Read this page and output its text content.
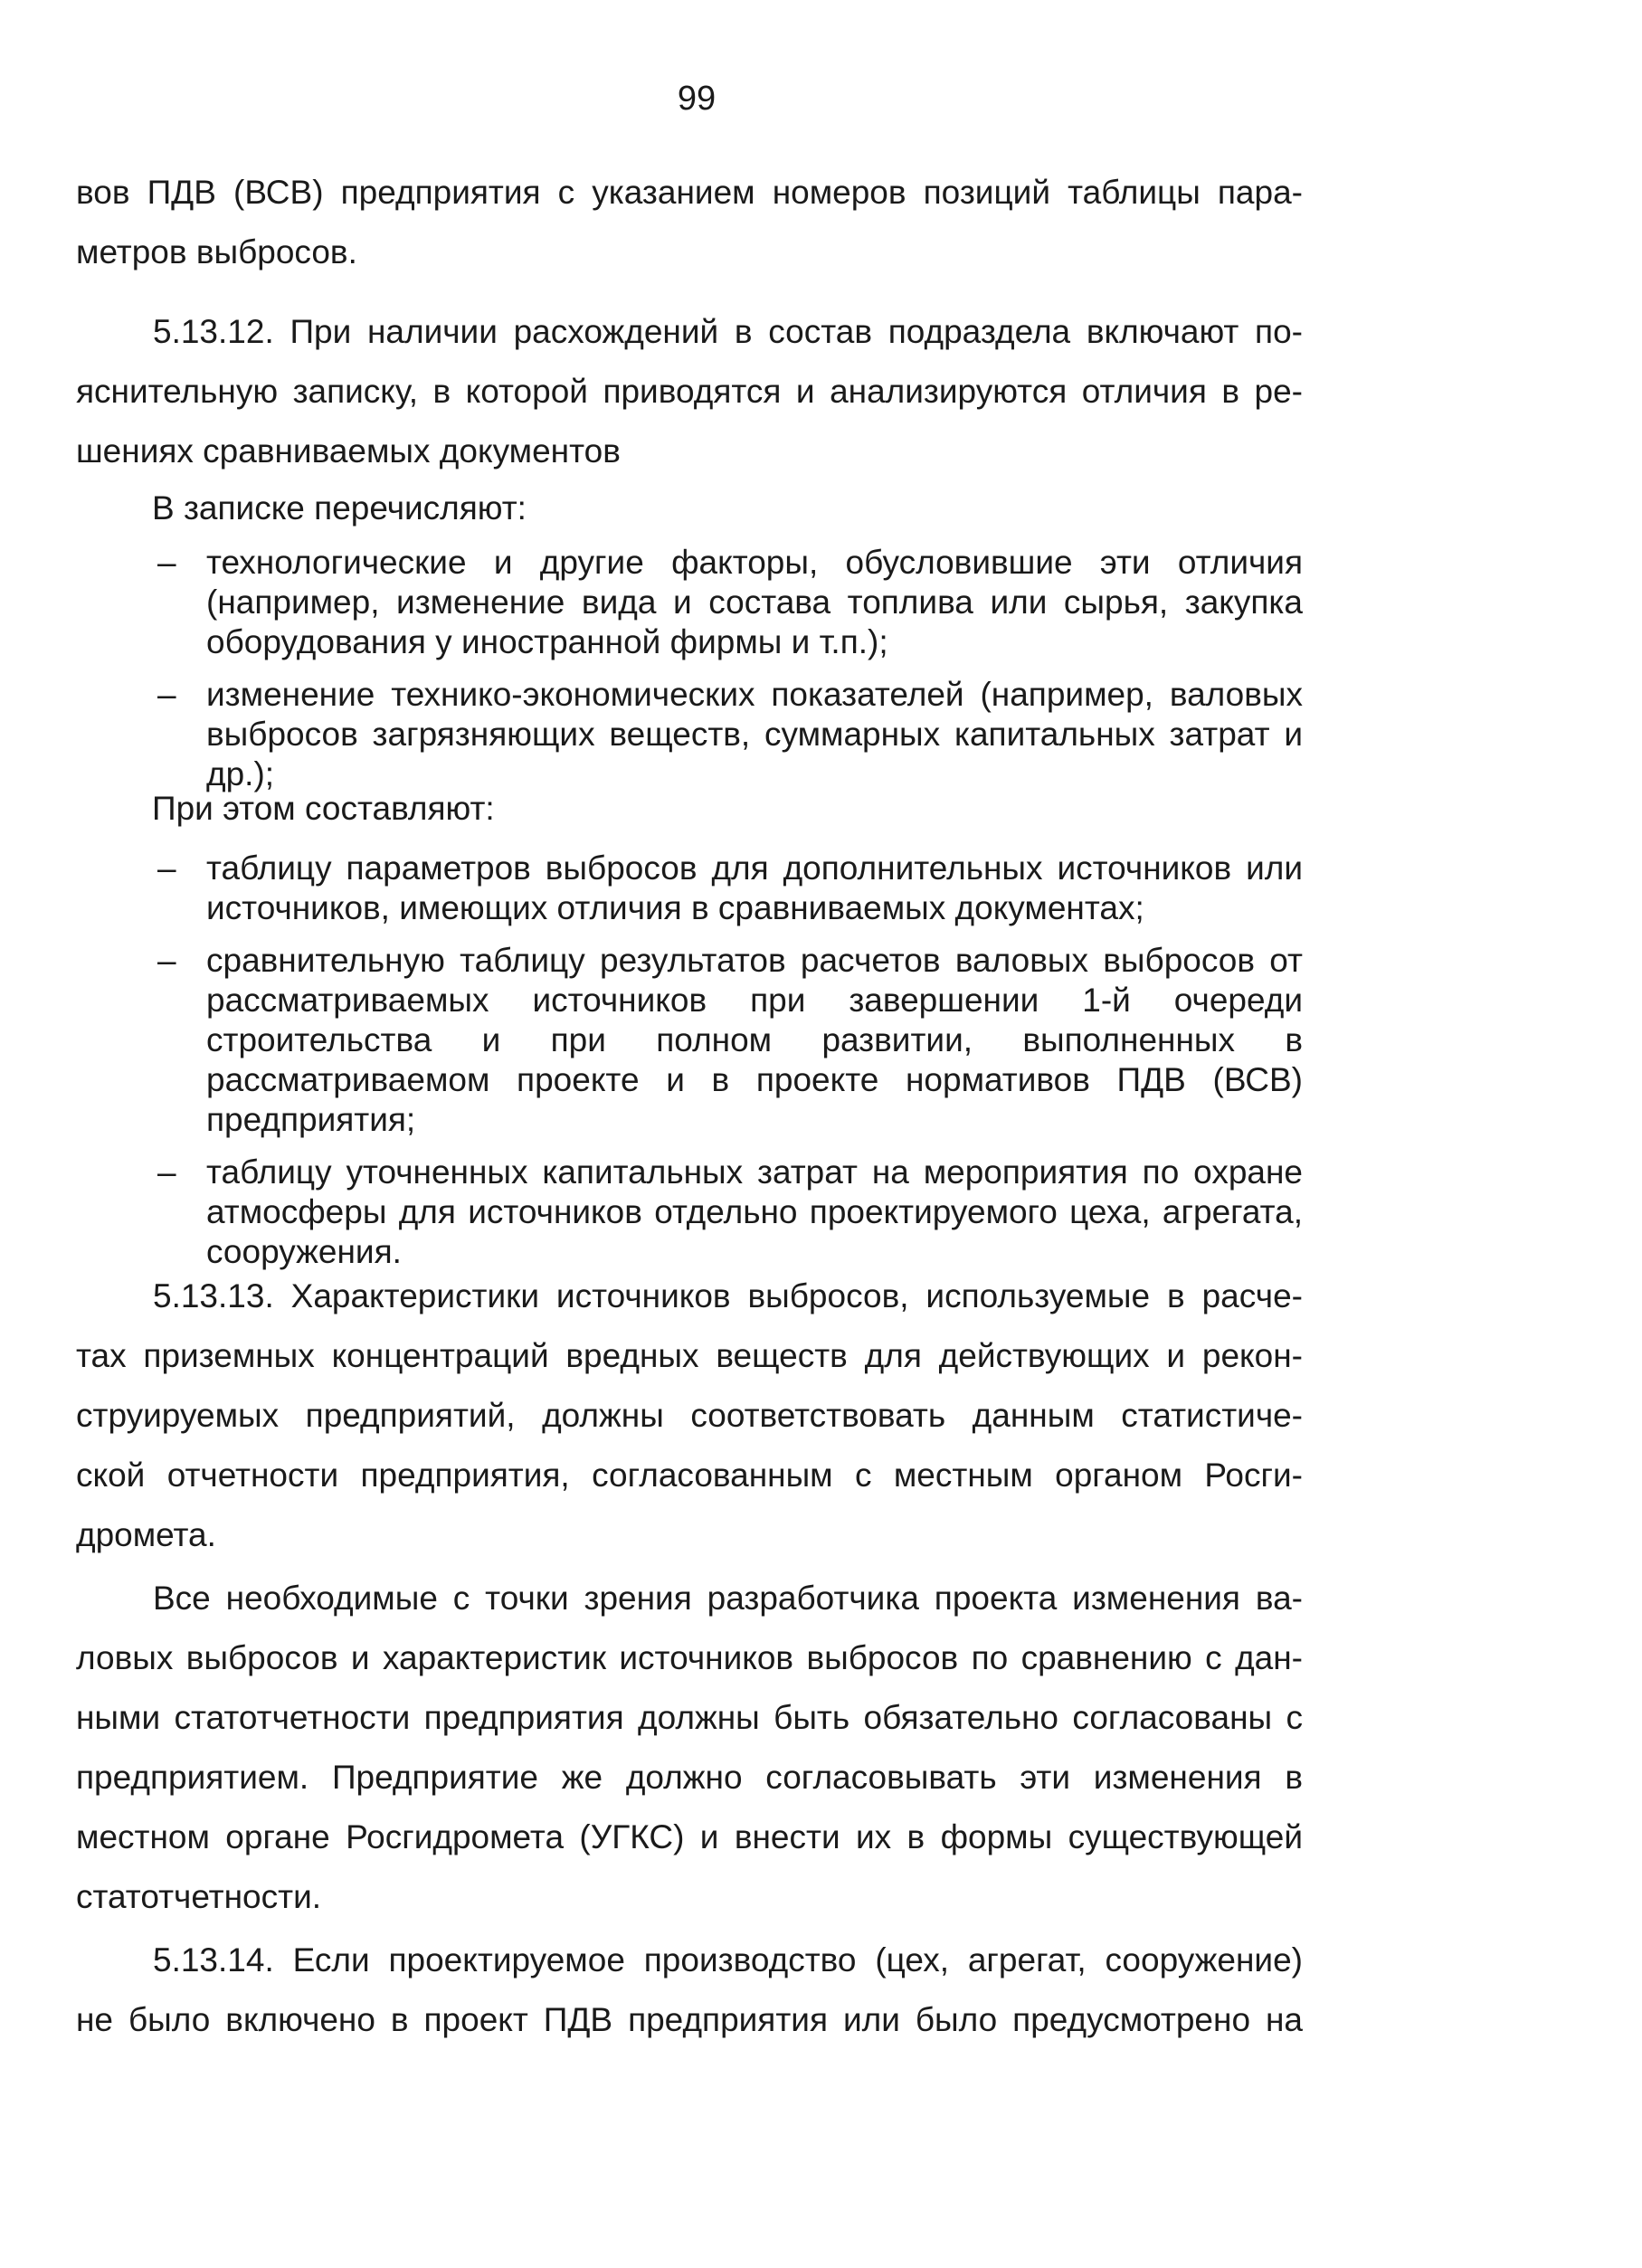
99
вов ПДВ (ВСВ) предприятия с указанием номеров позиций таблицы пара-
метров выбросов.
5.13.12. При наличии расхождений в состав подраздела включают по-
яснительную записку, в которой приводятся и анализируются отличия в ре-
шениях сравниваемых документов

В записке перечисляют:

– технологические и другие факторы, обусловившие эти отличия (например, изменение вида и состава топлива или сырья, закупка оборудования у иностранной фирмы и т.п.);
– изменение технико-экономических показателей (например, валовых выбросов загрязняющих веществ, суммарных капитальных затрат и др.);

При этом составляют:

– таблицу параметров выбросов для дополнительных источников или источников, имеющих отличия в сравниваемых документах;
– сравнительную таблицу результатов расчетов валовых выбросов от рассматриваемых источников при завершении 1-й очереди строительства и при полном развитии, выполненных в рассматриваемом проекте и в проекте нормативов ПДВ (ВСВ) предприятия;
– таблицу уточненных капитальных затрат на мероприятия по охране атмосферы для источников отдельно проектируемого цеха, агрегата, сооружения.
5.13.13. Характеристики источников выбросов, используемые в расче-
тах приземных концентраций вредных веществ для действующих и рекон-
струируемых предприятий, должны соответствовать данным статистиче-
ской отчетности предприятия, согласованным с местным органом Росги-
дромета.
Все необходимые с точки зрения разработчика проекта изменения ва-
ловых выбросов и характеристик источников выбросов по сравнению с дан-
ными статотчетности предприятия должны быть обязательно согласованы с
предприятием. Предприятие же должно согласовывать эти изменения в
местном органе Росгидромета (УГКС) и внести их в формы существующей
статотчетности.
5.13.14. Если проектируемое производство (цех, агрегат, сооружение)
не было включено в проект ПДВ предприятия или было предусмотрено на
